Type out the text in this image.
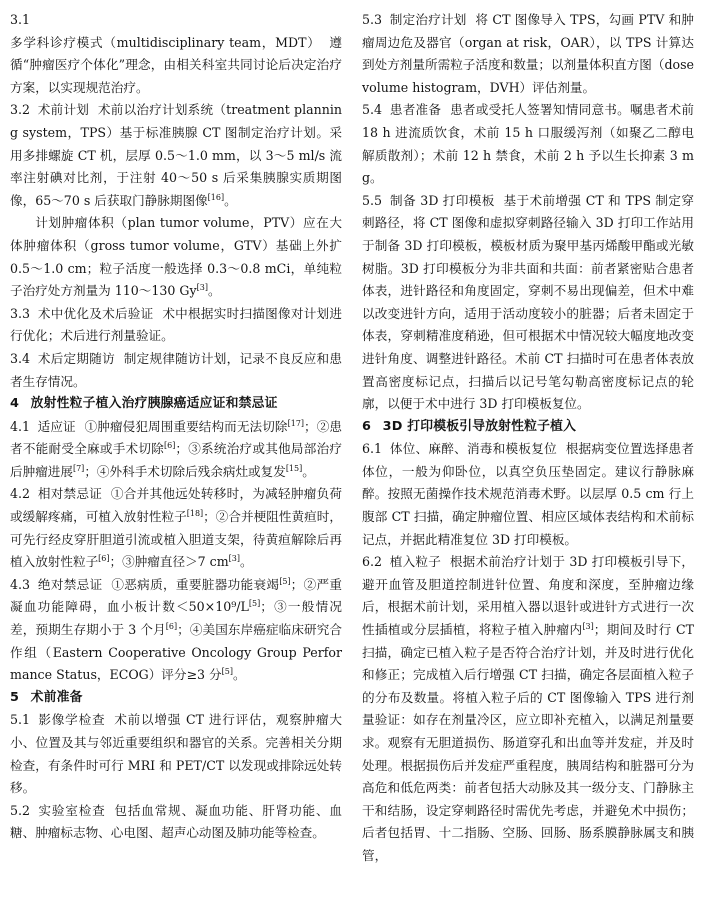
3.1多学科诊疗模式（multidisciplinary team，MDT） 遵循“肿瘤医疗个体化”理念，由相关科室共同讨论后决定治疗方案，以实现规范治疗。

3.2 术前计划 术前以治疗计划系统（treatment planning system，TPS）基于标准胰腺 CT 图制定治疗计划。采用多排螺旋 CT 机，层厚 0.5～1.0 mm，以 3～5 ml/s 流率注射碘对比剂，于注射 40～50 s 后采集胰腺实质期图像，65～70 s 后获取门静脉期图像[16]。

计划肿瘤体积（plan tumor volume，PTV）应在大体肿瘤体积（gross tumor volume，GTV）基础上外扩 0.5～1.0 cm；粒子活度一般选择 0.3～0.8 mCi，单纯粒子治疗处方剂量为 110～130 Gy[3]。

3.3 术中优化及术后验证 术中根据实时扫描图像对计划进行优化；术后进行剂量验证。

3.4 术后定期随访 制定规律随访计划，记录不良反应和患者生存情况。

4 放射性粒子植入治疗胰腺癌适应证和禁忌证

4.1 适应证 ①肿瘤侵犯周围重要结构而无法切除[17]；②患者不能耐受全麻或手术切除[6]；③系统治疗或其他局部治疗后肿瘤进展[7]；④外科手术切除后残余病灶或复发[15]。

4.2 相对禁忌证 ①合并其他远处转移时，为减轻肿瘤负荷或缓解疼痛，可植入放射性粒子[18]；②合并梗阻性黄疸时，可先行经皮穿肝胆道引流或植入胆道支架，待黄疸解除后再植入放射性粒子[6]；③肿瘤直径＞7 cm[3]。

4.3 绝对禁忌证 ①恶病质，重要脏器功能衰竭[5]；②严重凝血功能障碍，血小板计数＜50×10⁹/L[5]；③一般情况差，预期生存期小于 3 个月[6]；④美国东岸癌症临床研究合作组（Eastern Cooperative Oncology Group Performance Status，ECOG）评分≥3 分[5]。

5 术前准备

5.1 影像学检查 术前以增强 CT 进行评估，观察肿瘤大小、位置及其与邻近重要组织和器官的关系。完善相关分期检查，有条件时可行 MRI 和 PET/CT 以发现或排除远处转移。

5.2 实验室检查 包括血常规、凝血功能、肝肾功能、血糖、肿瘤标志物、心电图、超声心动图及肺功能等检查。

5.3 制定治疗计划 将 CT 图像导入 TPS，勾画 PTV 和肿瘤周边危及器官（organ at risk，OAR），以 TPS 计算达到处方剂量所需粒子活度和数量；以剂量体积直方图（dose volume histogram，DVH）评估剂量。

5.4 患者准备 患者或受托人签署知情同意书。嘱患者术前 18 h 进流质饮食，术前 15 h 口服缓泻剂（如聚乙二醇电解质散剂）；术前 12 h 禁食，术前 2 h 予以生长抑素 3 mg。

5.5 制备 3D 打印模板 基于术前增强 CT 和 TPS 制定穿刺路径，将 CT 图像和虚拟穿刺路径输入 3D 打印工作站用于制备 3D 打印模板，模板材质为聚甲基丙烯酸甲酯或光敏树脂。3D 打印模板分为非共面和共面：前者紧密贴合患者体表，进针路径和角度固定，穿刺不易出现偏差，但术中难以改变进针方向，适用于活动度较小的脏器；后者未固定于体表，穿刺精准度稍逊，但可根据术中情况较大幅度地改变进针角度、调整进针路径。术前 CT 扫描时可在患者体表放置高密度标记点，扫描后以记号笔勾勒高密度标记点的轮廓，以便于术中进行 3D 打印模板复位。

6 3D 打印模板引导放射性粒子植入

6.1 体位、麻醉、消毒和模板复位 根据病变位置选择患者体位，一般为仰卧位，以真空负压垫固定。建议行静脉麻醉。按照无菌操作技术规范消毒术野。以层厚 0.5 cm 行上腹部 CT 扫描，确定肿瘤位置、相应区域体表结构和术前标记点，并据此精准复位 3D 打印模板。

6.2 植入粒子 根据术前治疗计划于 3D 打印模板引导下，避开血管及胆道控制进针位置、角度和深度，至肿瘤边缘后，根据术前计划，采用植入器以退针或进针方式进行一次性插植或分层插植，将粒子植入肿瘤内[3]；期间及时行 CT 扫描，确定已植入粒子是否符合治疗计划，并及时进行优化和修正；完成植入后行增强 CT 扫描，确定各层面植入粒子的分布及数量。将植入粒子后的 CT 图像输入 TPS 进行剂量验证：如存在剂量冷区，应立即补充植入，以满足剂量要求。观察有无胆道损伤、肠道穿孔和出血等并发症，并及时处理。根据损伤后并发症严重程度，胰周结构和脏器可分为高危和低危两类：前者包括大动脉及其一级分支、门静脉主干和结肠，设定穿刺路径时需优先考虑，并避免术中损伤；后者包括胃、十二指肠、空肠、回肠、肠系膜静脉属支和胰管，
